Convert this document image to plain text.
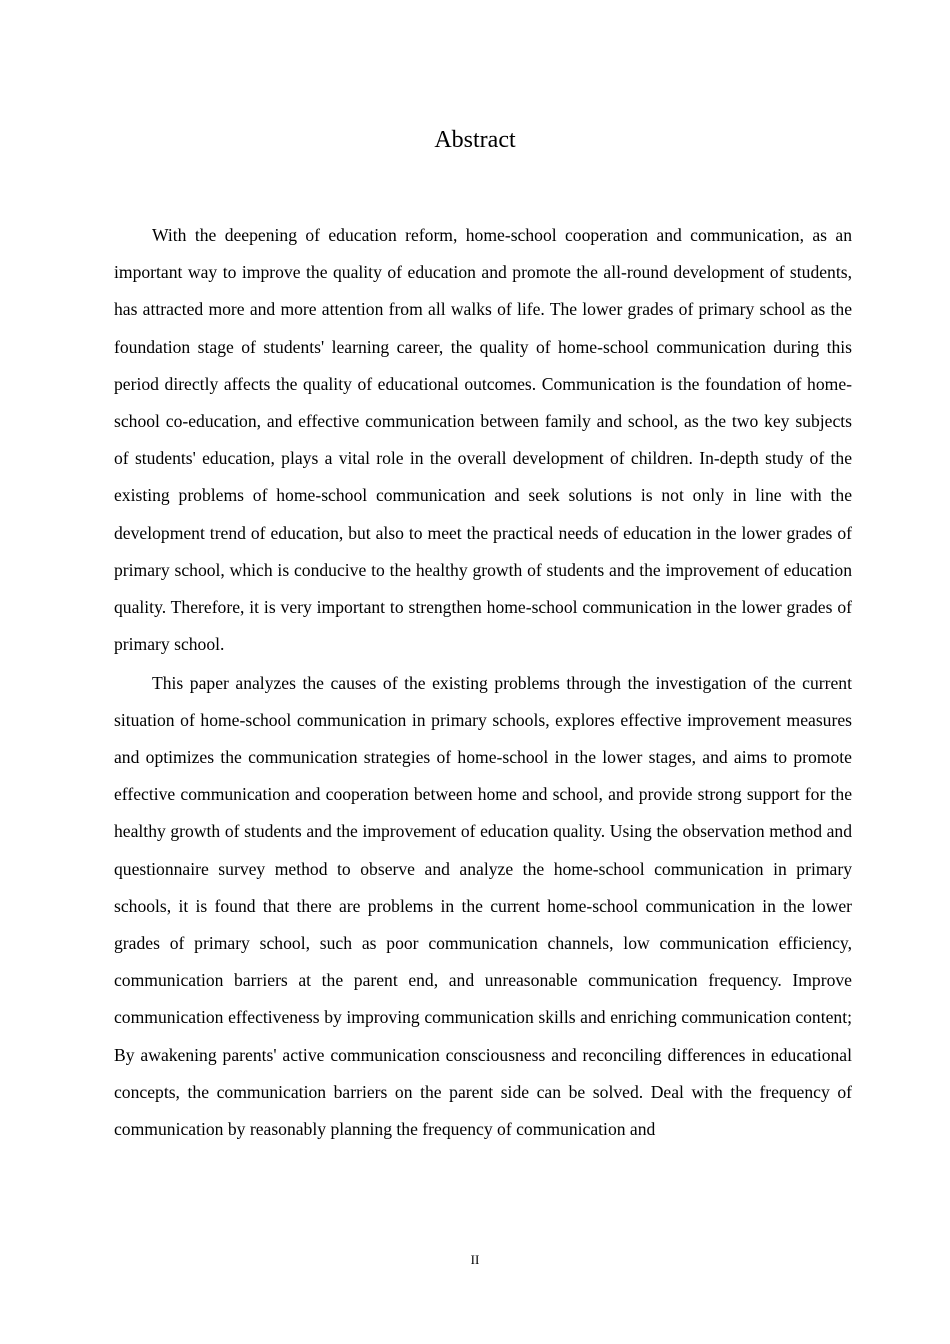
Abstract

With the deepening of education reform, home-school cooperation and communication, as an important way to improve the quality of education and promote the all-round development of students, has attracted more and more attention from all walks of life. The lower grades of primary school as the foundation stage of students' learning career, the quality of home-school communication during this period directly affects the quality of educational outcomes. Communication is the foundation of home-school co-education, and effective communication between family and school, as the two key subjects of students' education, plays a vital role in the overall development of children. In-depth study of the existing problems of home-school communication and seek solutions is not only in line with the development trend of education, but also to meet the practical needs of education in the lower grades of primary school, which is conducive to the healthy growth of students and the improvement of education quality. Therefore, it is very important to strengthen home-school communication in the lower grades of primary school.

This paper analyzes the causes of the existing problems through the investigation of the current situation of home-school communication in primary schools, explores effective improvement measures and optimizes the communication strategies of home-school in the lower stages, and aims to promote effective communication and cooperation between home and school, and provide strong support for the healthy growth of students and the improvement of education quality. Using the observation method and questionnaire survey method to observe and analyze the home-school communication in primary schools, it is found that there are problems in the current home-school communication in the lower grades of primary school, such as poor communication channels, low communication efficiency, communication barriers at the parent end, and unreasonable communication frequency. Improve communication effectiveness by improving communication skills and enriching communication content; By awakening parents' active communication consciousness and reconciling differences in educational concepts, the communication barriers on the parent side can be solved. Deal with the frequency of communication by reasonably planning the frequency of communication and

II
